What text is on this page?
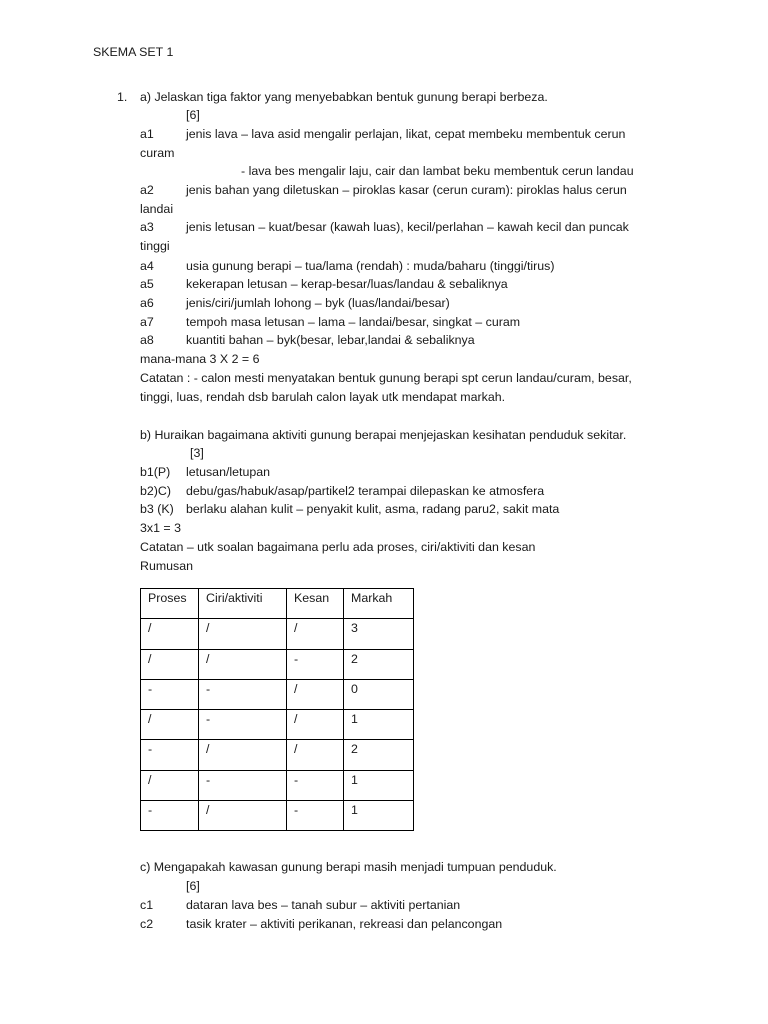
SKEMA SET 1
1. a) Jelaskan tiga faktor yang menyebabkan bentuk gunung berapi berbeza.
[6]
a1	jenis lava – lava asid mengalir perlajan, likat, cepat membeku membentuk cerun
curam
- lava bes mengalir laju, cair dan lambat beku membentuk cerun landau
a2	jenis bahan yang diletuskan – piroklas kasar (cerun curam): piroklas halus cerun
landai
a3	jenis letusan – kuat/besar (kawah luas), kecil/perlahan – kawah kecil dan puncak
tinggi
a4	usia gunung berapi – tua/lama (rendah) : muda/baharu (tinggi/tirus)
a5	kekerapan letusan – kerap-besar/luas/landau & sebaliknya
a6	jenis/ciri/jumlah lohong – byk (luas/landai/besar)
a7	tempoh masa letusan – lama – landai/besar, singkat – curam
a8	kuantiti bahan – byk(besar, lebar,landai & sebaliknya
mana-mana 3 X 2 = 6
Catatan : - calon mesti menyatakan bentuk gunung berapi spt cerun landau/curam, besar,
tinggi, luas, rendah dsb barulah calon layak utk mendapat markah.
b) Huraikan bagaimana aktiviti gunung berapai menjejaskan kesihatan penduduk sekitar.
[3]
b1(P) letusan/letupan
b2)C) debu/gas/habuk/asap/partikel2 terampai dilepaskan ke atmosfera
b3 (K) berlaku alahan kulit – penyakit kulit, asma, radang paru2, sakit mata
3x1 = 3
Catatan – utk soalan bagaimana perlu ada proses, ciri/aktiviti dan kesan
Rumusan
Proses	Ciri/aktiviti	Kesan	Markah
/	/	/	3
/	/	-	2
-	-	/	0
/	-	/	1
-	/	/	2
/	-	-	1
-	/	-	1
c) Mengapakah kawasan gunung berapi masih menjadi tumpuan penduduk.
[6]
c1	dataran lava bes – tanah subur – aktiviti pertanian
c2	tasik krater – aktiviti perikanan, rekreasi dan pelancongan
